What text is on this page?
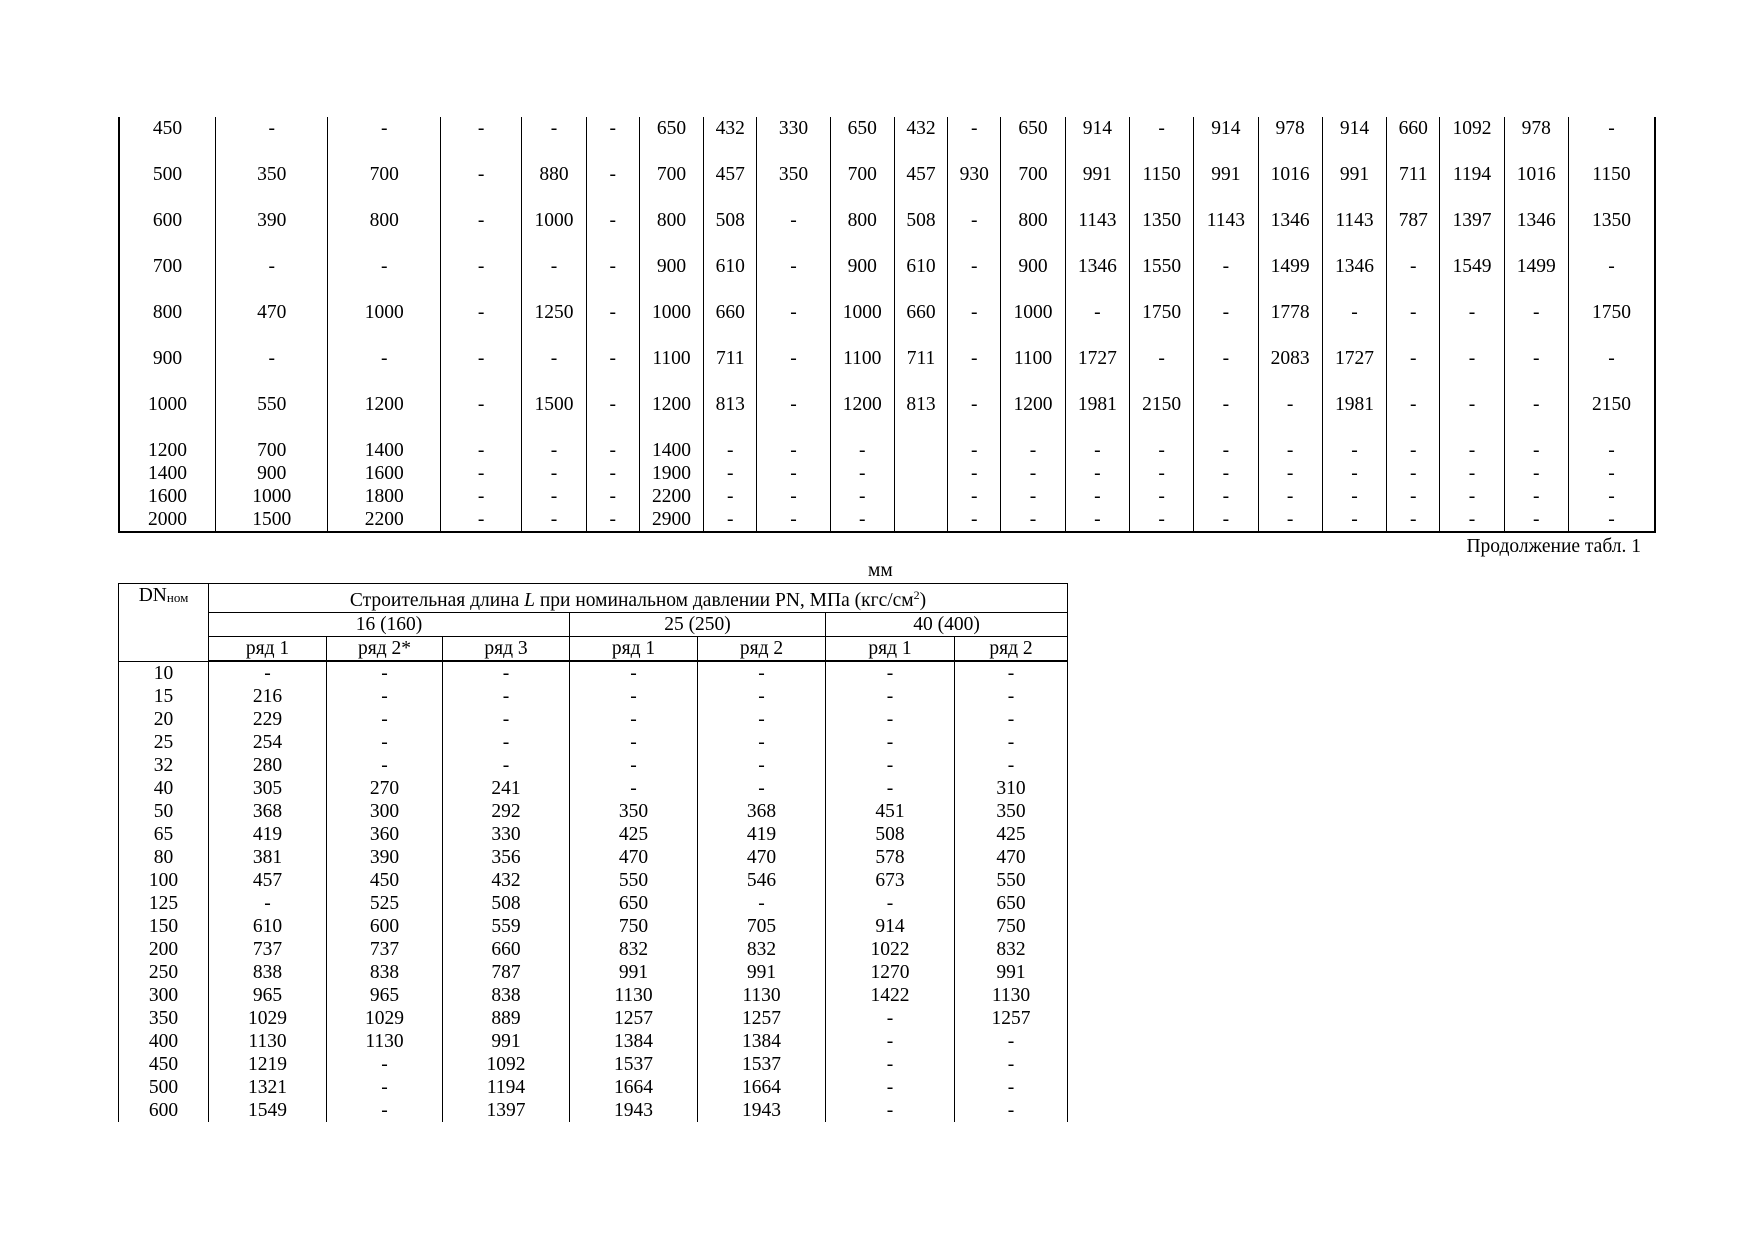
450	-	-	-	-	-	650	432	330	650	432	-	650	914	-	914	978	914	660	1092	978	-
500	350	700	-	880	-	700	457	350	700	457	930	700	991	1150	991	1016	991	711	1194	1016	1150
600	390	800	-	1000	-	800	508	-	800	508	-	800	1143	1350	1143	1346	1143	787	1397	1346	1350
700	-	-	-	-	-	900	610	-	900	610	-	900	1346	1550	-	1499	1346	-	1549	1499	-
800	470	1000	-	1250	-	1000	660	-	1000	660	-	1000	-	1750	-	1778	-	-	-	-	1750
900	-	-	-	-	-	1100	711	-	1100	711	-	1100	1727	-	-	2083	1727	-	-	-	-
1000	550	1200	-	1500	-	1200	813	-	1200	813	-	1200	1981	2150	-	-	1981	-	-	-	2150
1200	700	1400	-	-	-	1400	-	-	-		-	-	-	-	-	-	-	-	-	-	-
1400	900	1600	-	-	-	1900	-	-	-		-	-	-	-	-	-	-	-	-	-	-
1600	1000	1800	-	-	-	2200	-	-	-		-	-	-	-	-	-	-	-	-	-	-
2000	1500	2200	-	-	-	2900	-	-	-		-	-	-	-	-	-	-	-	-	-	-
Продолжение табл. 1
мм
$DN_{ном}$	Строительная длина L при номинальном давлении PN, МПа $(кгс/см^2)$						
	16 (160)			25 (250)		40 (400)	
	ряд 1	ряд 2*	ряд 3	ряд 1	ряд 2	ряд 1	ряд 2
10	-	-	-	-	-	-	-
15	216	-	-	-	-	-	-
20	229	-	-	-	-	-	-
25	254	-	-	-	-	-	-
32	280	-	-	-	-	-	-
40	305	270	241	-	-	-	310
50	368	300	292	350	368	451	350
65	419	360	330	425	419	508	425
80	381	390	356	470	470	578	470
100	457	450	432	550	546	673	550
125	-	525	508	650	-	-	650
150	610	600	559	750	705	914	750
200	737	737	660	832	832	1022	832
250	838	838	787	991	991	1270	991
300	965	965	838	1130	1130	1422	1130
350	1029	1029	889	1257	1257	-	1257
400	1130	1130	991	1384	1384	-	-
450	1219	-	1092	1537	1537	-	-
500	1321	-	1194	1664	1664	-	-
600	1549	-	1397	1943	1943	-	-
